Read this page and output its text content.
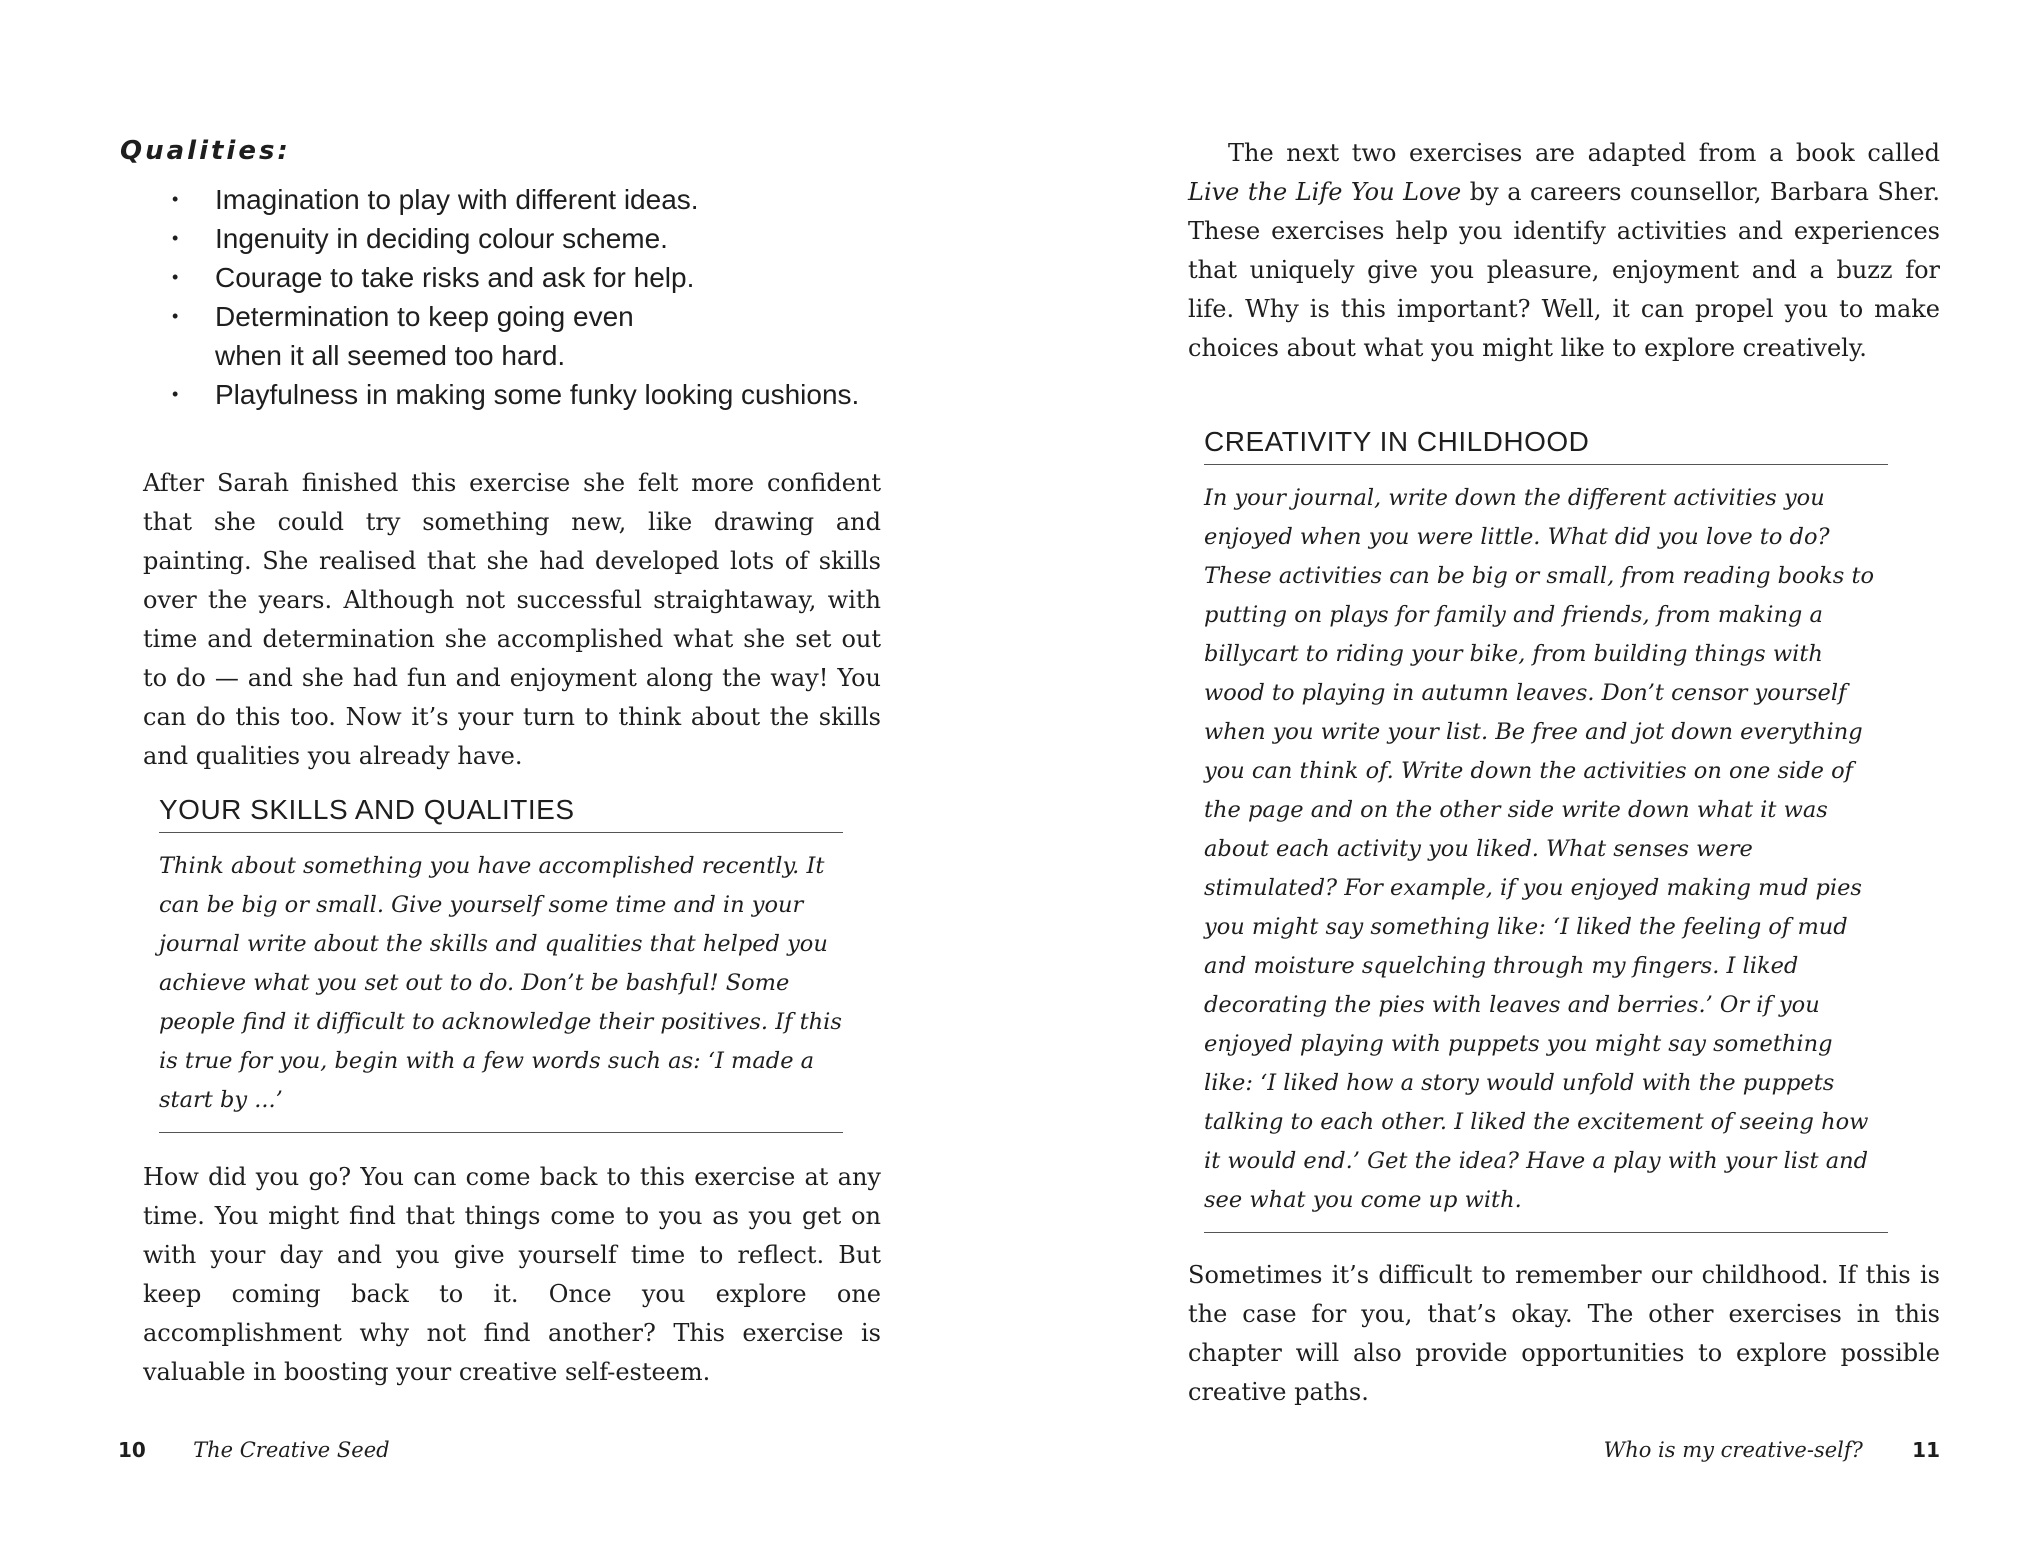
Qualities:
• Imagination to play with different ideas.
• Ingenuity in deciding colour scheme.
• Courage to take risks and ask for help.
• Determination to keep going even when it all seemed too hard.
• Playfulness in making some funky looking cushions.

After Sarah finished this exercise she felt more confident that she could try something new, like drawing and painting. She realised that she had developed lots of skills over the years. Although not successful straightaway, with time and determination she accomplished what she set out to do — and she had fun and enjoyment along the way! You can do this too. Now it’s your turn to think about the skills and qualities you already have.

YOUR SKILLS AND QUALITIES
Think about something you have accomplished recently. It can be big or small. Give yourself some time and in your journal write about the skills and qualities that helped you achieve what you set out to do. Don’t be bashful! Some people find it difficult to acknowledge their positives. If this is true for you, begin with a few words such as: ‘I made a start by ...’

How did you go? You can come back to this exercise at any time. You might find that things come to you as you get on with your day and you give yourself time to reflect. But keep coming back to it. Once you explore one accomplishment why not find another? This exercise is valuable in boosting your creative self-esteem.

10 The Creative Seed

The next two exercises are adapted from a book called Live the Life You Love by a careers counsellor, Barbara Sher. These exercises help you identify activities and experiences that uniquely give you pleasure, enjoyment and a buzz for life. Why is this important? Well, it can propel you to make choices about what you might like to explore creatively.

CREATIVITY IN CHILDHOOD
In your journal, write down the different activities you enjoyed when you were little. What did you love to do? These activities can be big or small, from reading books to putting on plays for family and friends, from making a billycart to riding your bike, from building things with wood to playing in autumn leaves. Don’t censor yourself when you write your list. Be free and jot down everything you can think of. Write down the activities on one side of the page and on the other side write down what it was about each activity you liked. What senses were stimulated? For example, if you enjoyed making mud pies you might say something like: ‘I liked the feeling of mud and moisture squelching through my fingers. I liked decorating the pies with leaves and berries.’ Or if you enjoyed playing with puppets you might say something like: ‘I liked how a story would unfold with the puppets talking to each other. I liked the excitement of seeing how it would end.’ Get the idea? Have a play with your list and see what you come up with.

Sometimes it’s difficult to remember our childhood. If this is the case for you, that’s okay. The other exercises in this chapter will also provide opportunities to explore possible creative paths.

Who is my creative-self? 11
